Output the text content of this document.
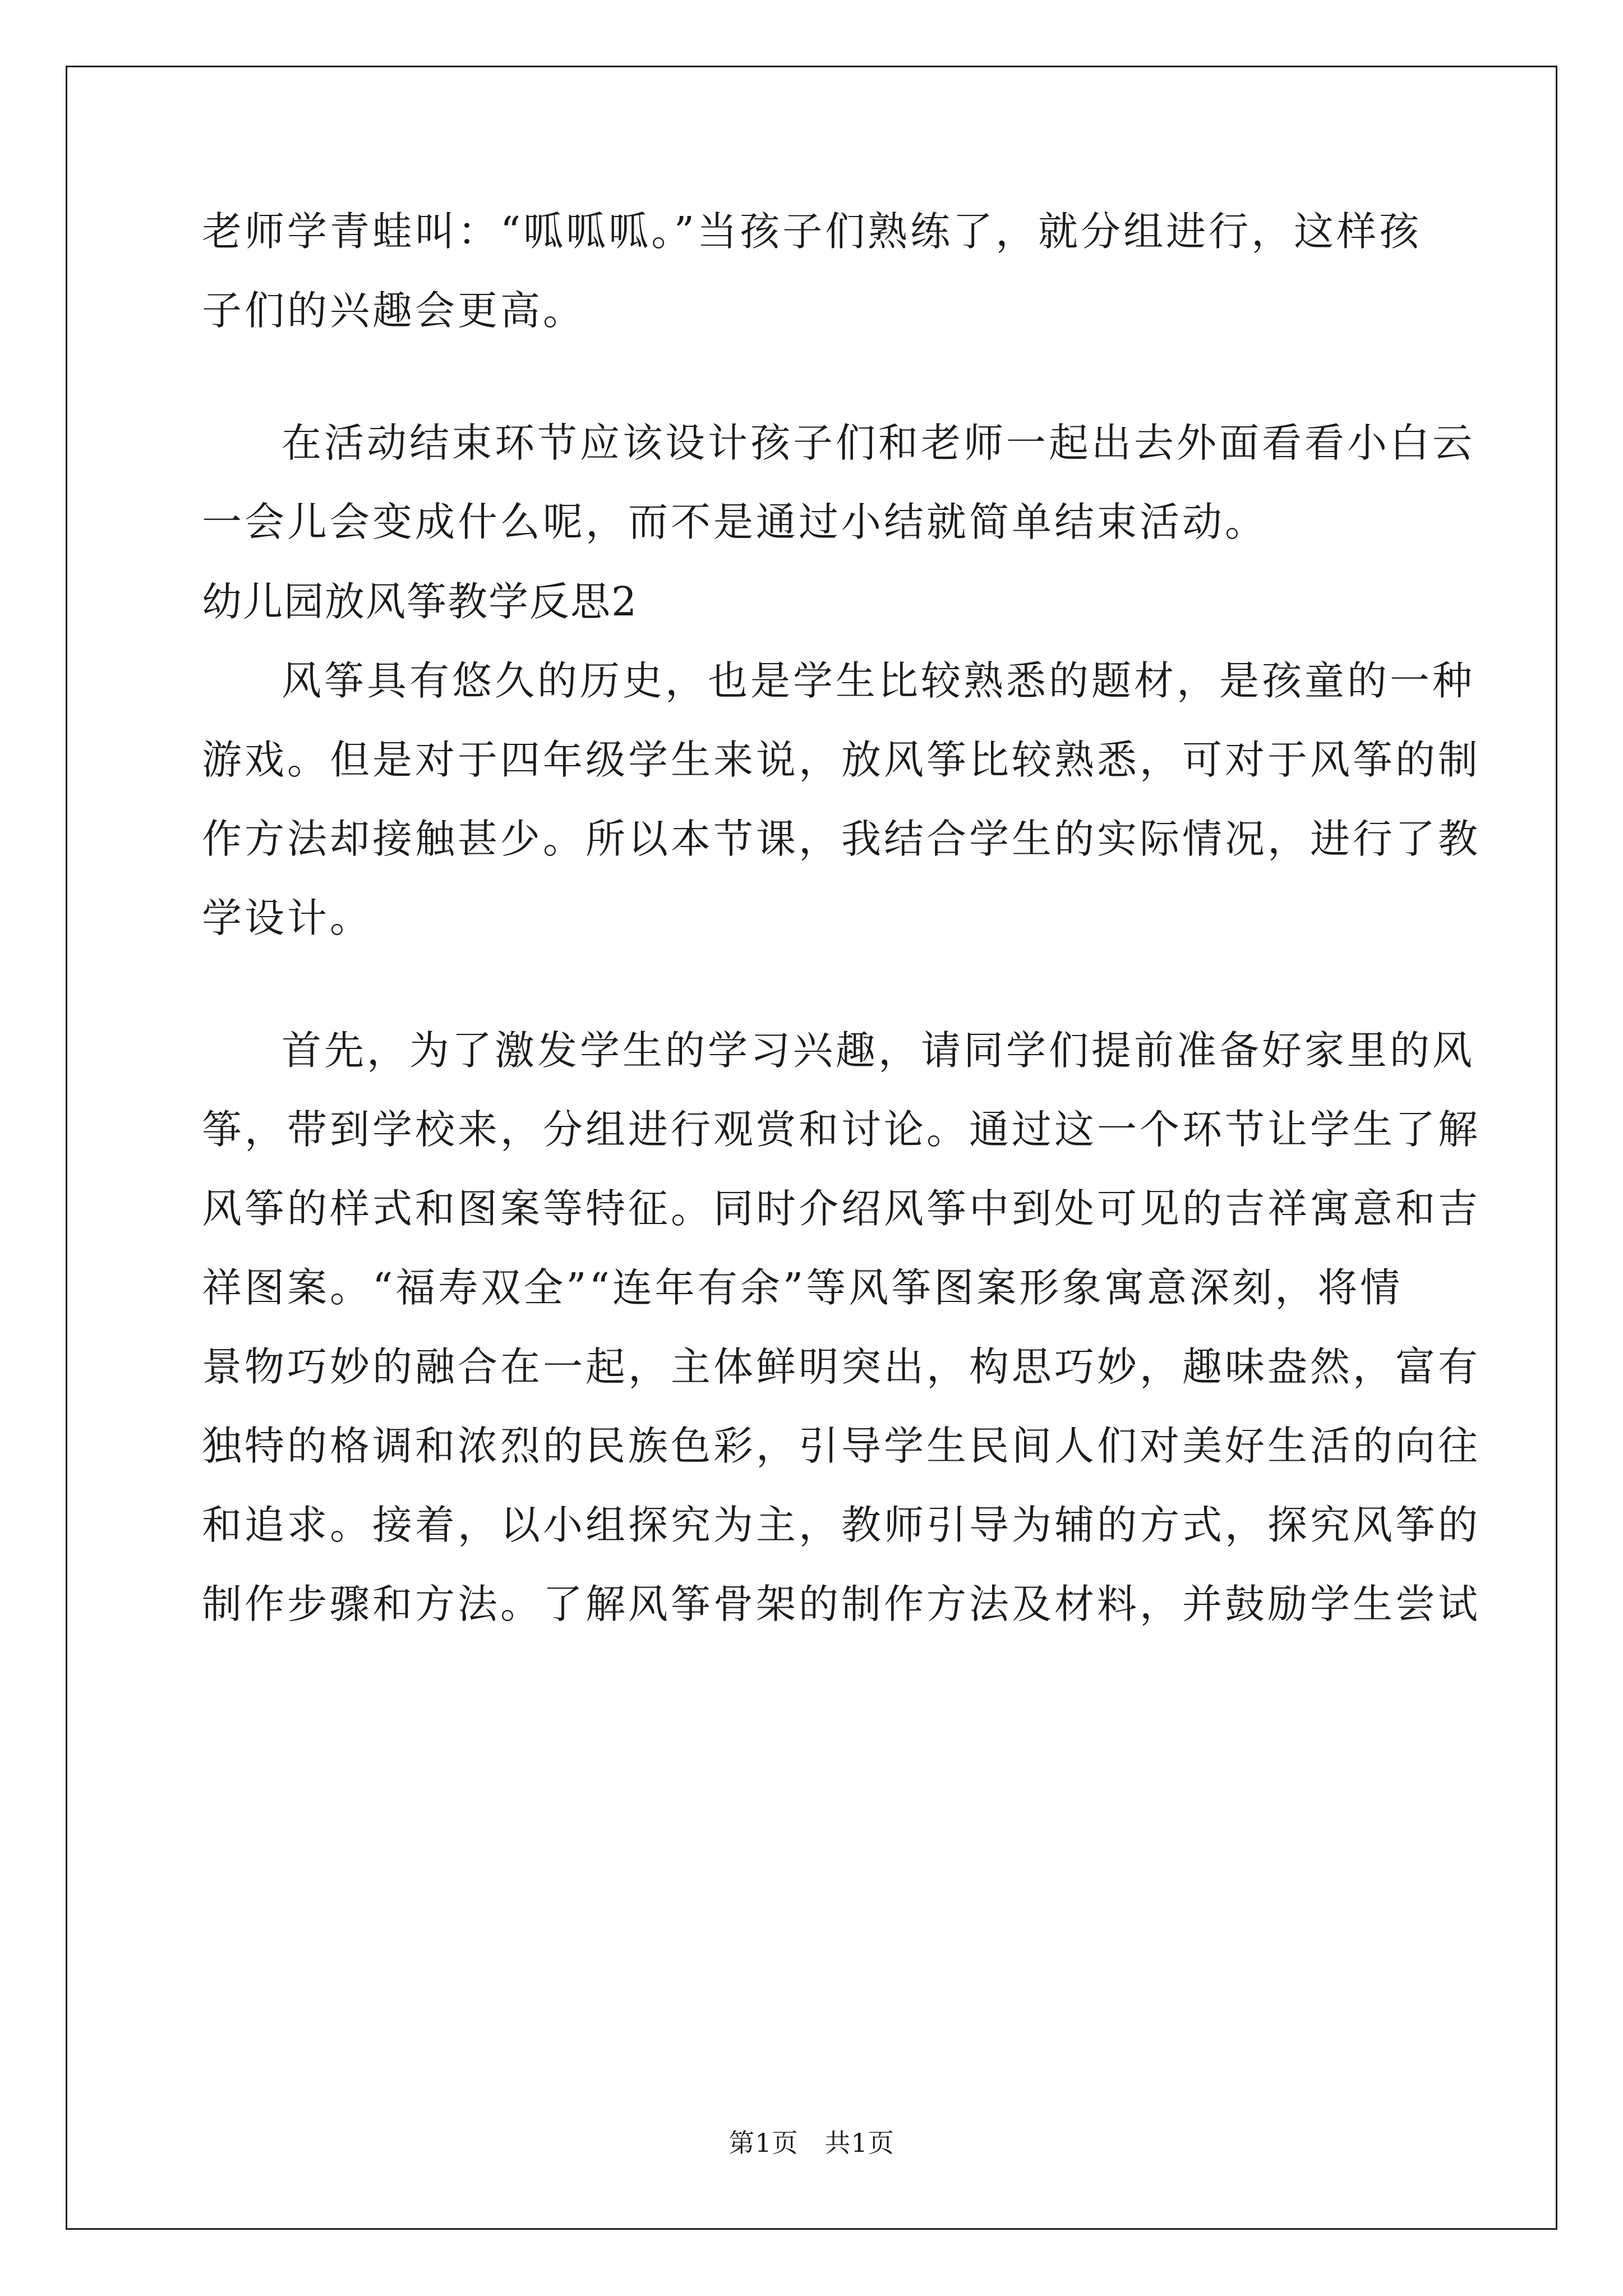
老师学青蛙叫：“呱呱呱。”当孩子们熟练了，就分组进行，这样孩
子们的兴趣会更高。
在活动结束环节应该设计孩子们和老师一起出去外面看看小白云
一会儿会变成什么呢，而不是通过小结就简单结束活动。
幼儿园放风筝教学反思2
风筝具有悠久的历史，也是学生比较熟悉的题材，是孩童的一种
游戏。但是对于四年级学生来说，放风筝比较熟悉，可对于风筝的制
作方法却接触甚少。所以本节课，我结合学生的实际情况，进行了教
学设计。
首先，为了激发学生的学习兴趣，请同学们提前准备好家里的风
筝，带到学校来，分组进行观赏和讨论。通过这一个环节让学生了解
风筝的样式和图案等特征。同时介绍风筝中到处可见的吉祥寓意和吉
祥图案。“福寿双全”“连年有余”等风筝图案形象寓意深刻，将情
景物巧妙的融合在一起，主体鲜明突出，构思巧妙，趣味盎然，富有
独特的格调和浓烈的民族色彩，引导学生民间人们对美好生活的向往
和追求。接着，以小组探究为主，教师引导为辅的方式，探究风筝的
制作步骤和方法。了解风筝骨架的制作方法及材料，并鼓励学生尝试
第1页　共1页
